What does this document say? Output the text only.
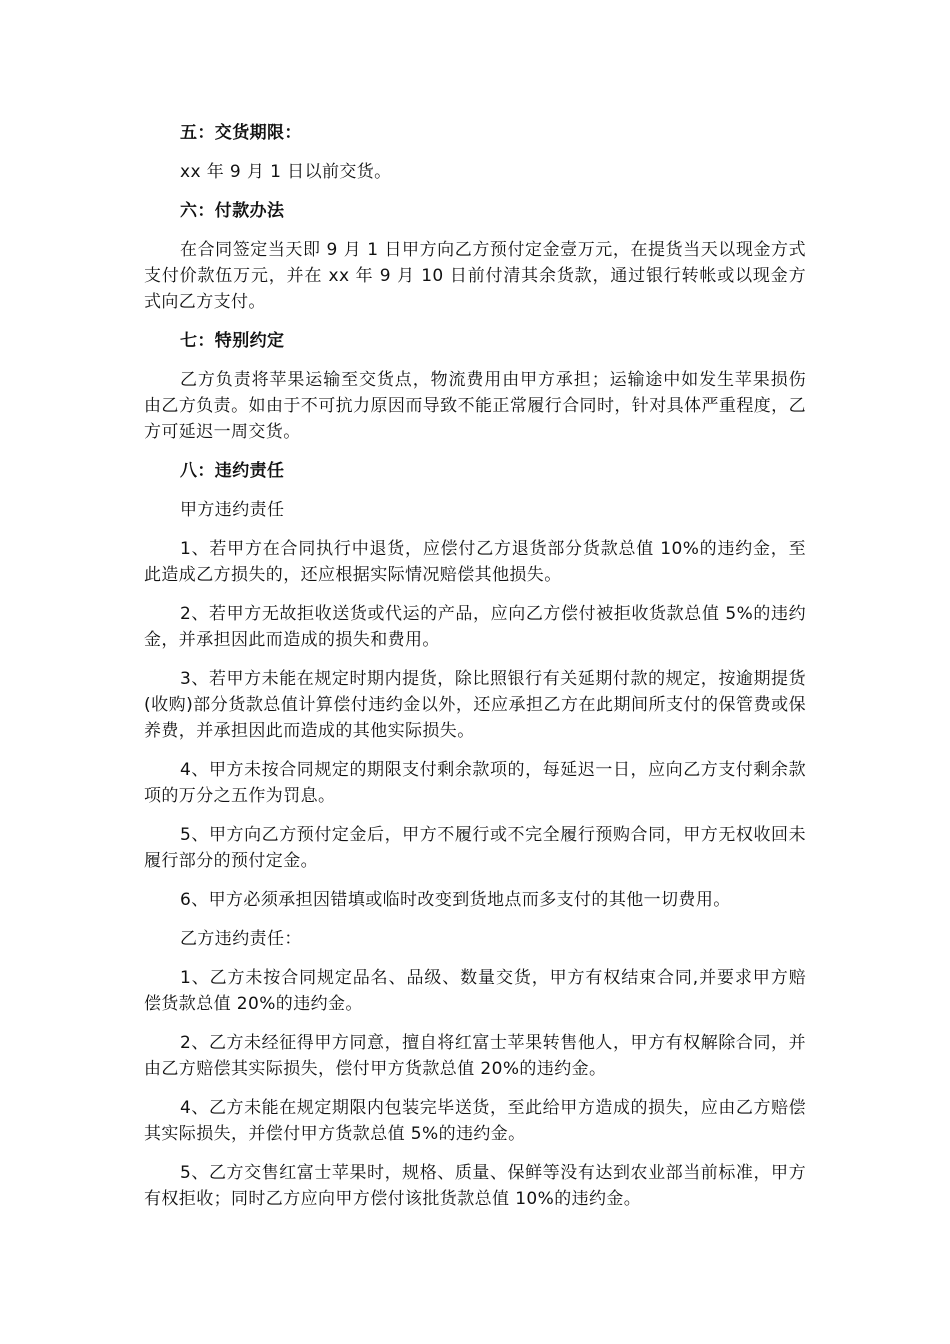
五：交货期限：

xx 年 9 月 1 日以前交货。

六：付款办法

在合同签定当天即 9 月 1 日甲方向乙方预付定金壹万元，在提货当天以现金方式支付价款伍万元，并在 xx 年 9 月 10 日前付清其余货款，通过银行转帐或以现金方式向乙方支付。

七：特别约定

乙方负责将苹果运输至交货点，物流费用由甲方承担；运输途中如发生苹果损伤由乙方负责。如由于不可抗力原因而导致不能正常履行合同时，针对具体严重程度，乙方可延迟一周交货。

八：违约责任

甲方违约责任

1、若甲方在合同执行中退货，应偿付乙方退货部分货款总值 10%的违约金，至此造成乙方损失的，还应根据实际情况赔偿其他损失。

2、若甲方无故拒收送货或代运的产品，应向乙方偿付被拒收货款总值 5%的违约金，并承担因此而造成的损失和费用。

3、若甲方未能在规定时期内提货，除比照银行有关延期付款的规定，按逾期提货(收购)部分货款总值计算偿付违约金以外，还应承担乙方在此期间所支付的保管费或保养费，并承担因此而造成的其他实际损失。

4、甲方未按合同规定的期限支付剩余款项的，每延迟一日，应向乙方支付剩余款项的万分之五作为罚息。

5、甲方向乙方预付定金后，甲方不履行或不完全履行预购合同，甲方无权收回未履行部分的预付定金。

6、甲方必须承担因错填或临时改变到货地点而多支付的其他一切费用。

乙方违约责任：

1、乙方未按合同规定品名、品级、数量交货，甲方有权结束合同,并要求甲方赔偿货款总值 20%的违约金。

2、乙方未经征得甲方同意，擅自将红富士苹果转售他人，甲方有权解除合同，并由乙方赔偿其实际损失，偿付甲方货款总值 20%的违约金。

4、乙方未能在规定期限内包装完毕送货，至此给甲方造成的损失，应由乙方赔偿其实际损失，并偿付甲方货款总值 5%的违约金。

5、乙方交售红富士苹果时，规格、质量、保鲜等没有达到农业部当前标准，甲方有权拒收；同时乙方应向甲方偿付该批货款总值 10%的违约金。
